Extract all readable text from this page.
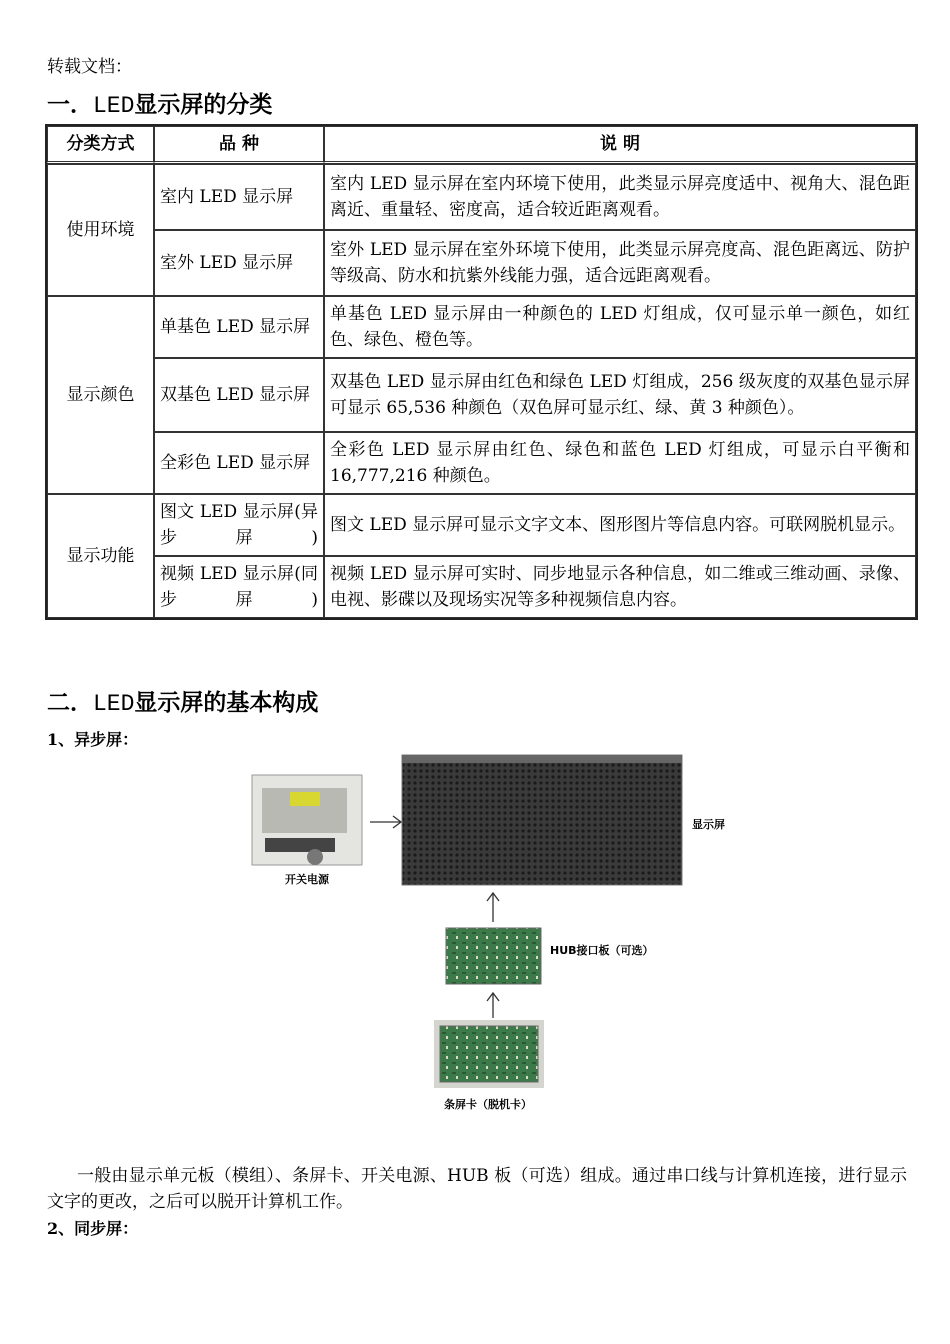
转载文档：
一．LED显示屏的分类
分类方式	品 种	说 明
使用环境	室内 LED 显示屏	室内 LED 显示屏在室内环境下使用，此类显示屏亮度适中、视角大、混色距离近、重量轻、密度高，适合较近距离观看。
	室外 LED 显示屏	室外 LED 显示屏在室外环境下使用，此类显示屏亮度高、混色距离远、防护等级高、防水和抗紫外线能力强，适合远距离观看。
显示颜色	单基色 LED 显示屏	单基色 LED 显示屏由一种颜色的 LED 灯组成，仅可显示单一颜色，如红色、绿色、橙色等。
	双基色 LED 显示屏	双基色 LED 显示屏由红色和绿色 LED 灯组成，256 级灰度的双基色显示屏可显示 65,536 种颜色（双色屏可显示红、绿、黄 3 种颜色）。
	全彩色 LED 显示屏	全彩色 LED 显示屏由红色、绿色和蓝色 LED 灯组成，可显示白平衡和 16,777,216 种颜色。
显示功能	图文 LED 显示屏(异步屏)	图文 LED 显示屏可显示文字文本、图形图片等信息内容。可联网脱机显示。
	视频 LED 显示屏(同步屏)	视频 LED 显示屏可实时、同步地显示各种信息，如二维或三维动画、录像、电视、影碟以及现场实况等多种视频信息内容。
二．LED显示屏的基本构成
1、异步屏：
开关电源
显示屏
HUB接口板（可选）
条屏卡（脱机卡）
一般由显示单元板（模组）、条屏卡、开关电源、HUB 板（可选）组成。通过串口线与计算机连接，进行显示文字的更改，之后可以脱开计算机工作。
2、同步屏：
